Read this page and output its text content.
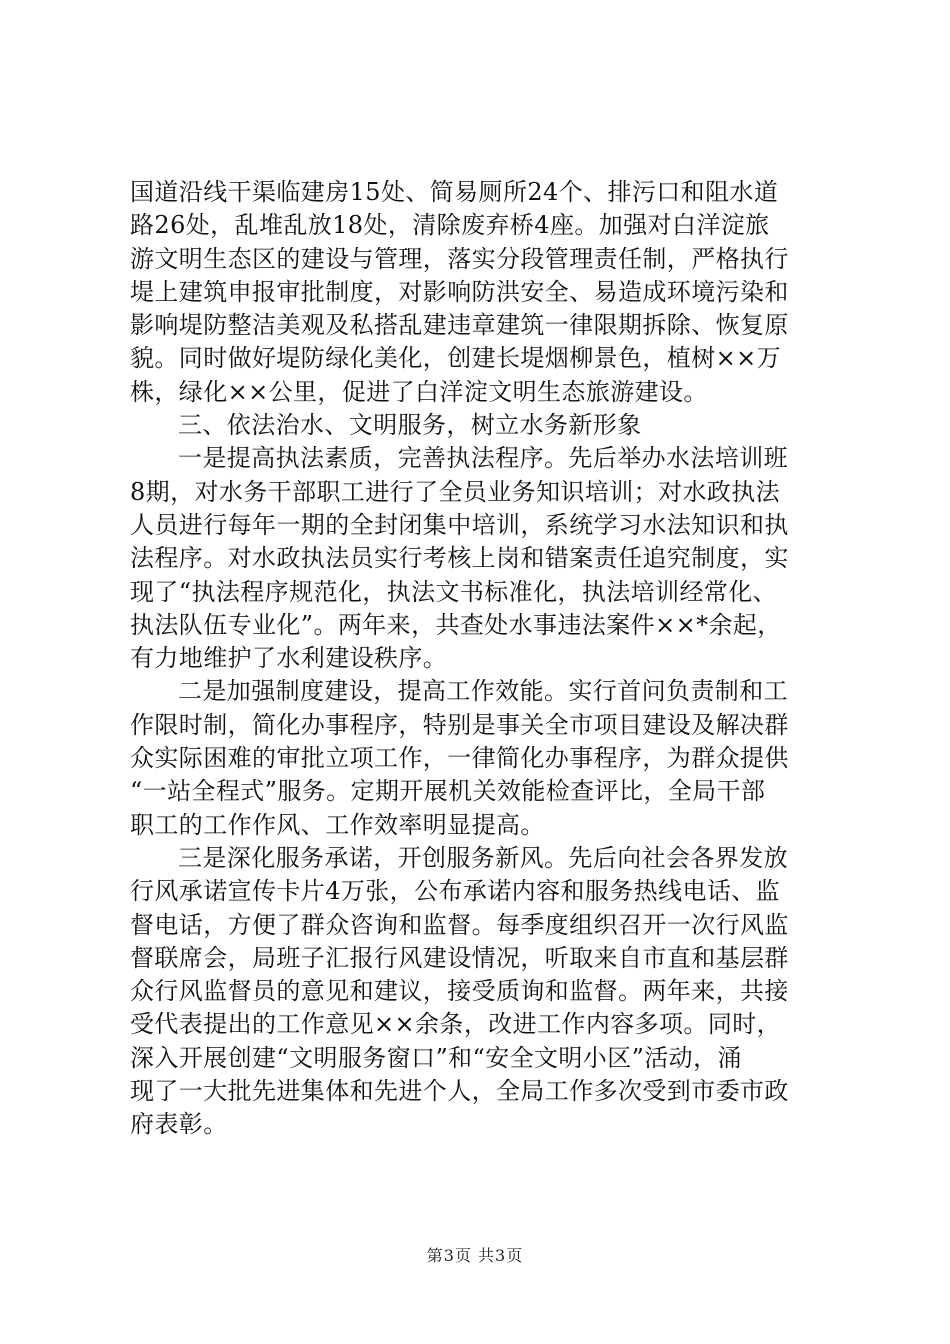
国道沿线干渠临建房15处、简易厕所24个、排污口和阻水道
路26处，乱堆乱放18处，清除废弃桥4座。加强对白洋淀旅
游文明生态区的建设与管理，落实分段管理责任制，严格执行
堤上建筑申报审批制度，对影响防洪安全、易造成环境污染和
影响堤防整洁美观及私搭乱建违章建筑一律限期拆除、恢复原
貌。同时做好堤防绿化美化，创建长堤烟柳景色，植树××万
株，绿化××公里，促进了白洋淀文明生态旅游建设。
三、依法治水、文明服务，树立水务新形象
一是提高执法素质，完善执法程序。先后举办水法培训班
8期，对水务干部职工进行了全员业务知识培训；对水政执法
人员进行每年一期的全封闭集中培训，系统学习水法知识和执
法程序。对水政执法员实行考核上岗和错案责任追究制度，实
现了“执法程序规范化，执法文书标准化，执法培训经常化、
执法队伍专业化”。两年来，共查处水事违法案件××*余起，
有力地维护了水利建设秩序。
二是加强制度建设，提高工作效能。实行首问负责制和工
作限时制，简化办事程序，特别是事关全市项目建设及解决群
众实际困难的审批立项工作，一律简化办事程序，为群众提供
“一站全程式”服务。定期开展机关效能检查评比，全局干部
职工的工作作风、工作效率明显提高。
三是深化服务承诺，开创服务新风。先后向社会各界发放
行风承诺宣传卡片4万张，公布承诺内容和服务热线电话、监
督电话，方便了群众咨询和监督。每季度组织召开一次行风监
督联席会，局班子汇报行风建设情况，听取来自市直和基层群
众行风监督员的意见和建议，接受质询和监督。两年来，共接
受代表提出的工作意见××余条，改进工作内容多项。同时，
深入开展创建“文明服务窗口”和“安全文明小区”活动，涌
现了一大批先进集体和先进个人，全局工作多次受到市委市政
府表彰。
第3页 共3页
